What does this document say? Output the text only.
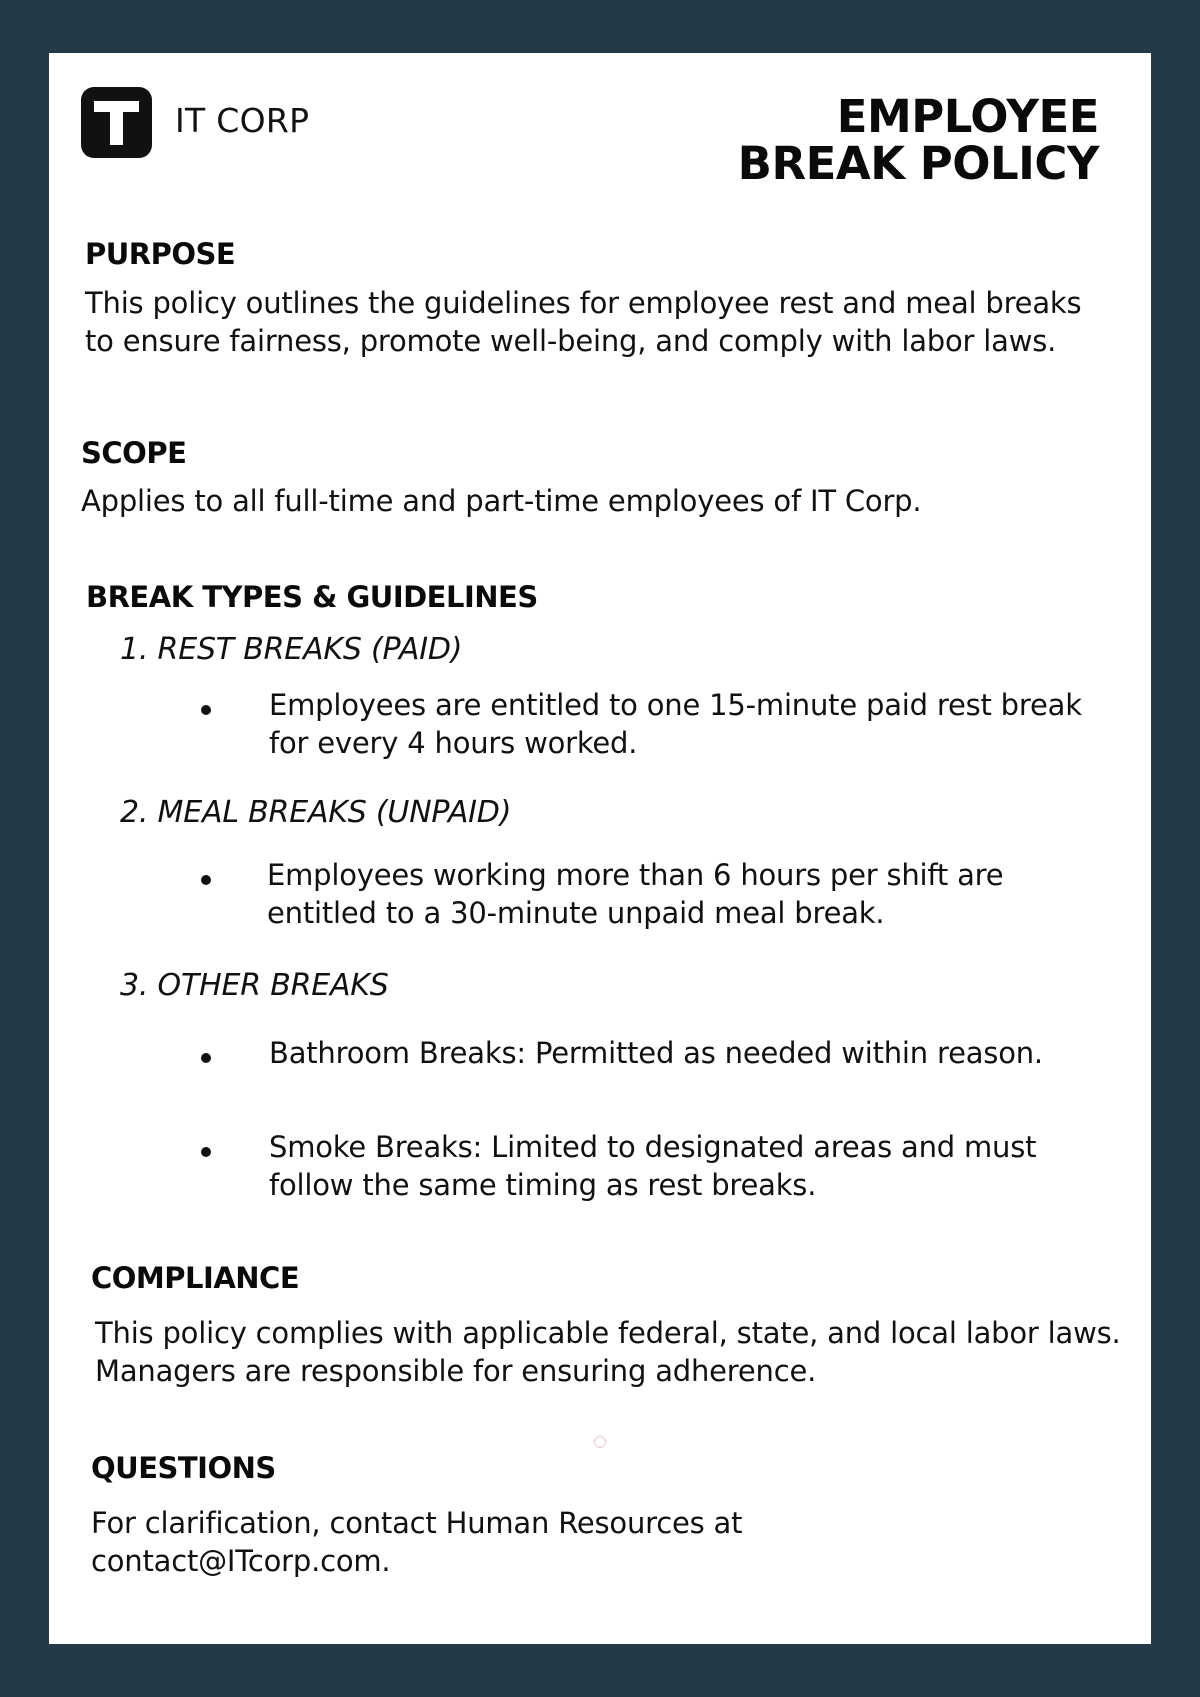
IT CORP	EMPLOYEE
BREAK POLICY
PURPOSE

This policy outlines the guidelines for employee rest and meal breaks to ensure fairness, promote well-being, and comply with labor laws.

SCOPE

Applies to all full-time and part-time employees of IT Corp.

BREAK TYPES & GUIDELINES
1. REST BREAKS (PAID)

Employees are entitled to one 15-minute paid rest break for every 4 hours worked.

2. MEAL BREAKS (UNPAID)

Employees working more than 6 hours per shift are entitled to a 30-minute unpaid meal break.

3. OTHER BREAKS

Bathroom Breaks: Permitted as needed within reason.

Smoke Breaks: Limited to designated areas and must follow the same timing as rest breaks.

COMPLIANCE

This policy complies with applicable federal, state, and local labor laws. Managers are responsible for ensuring adherence.

QUESTIONS

For clarification, contact Human Resources at contact@ITcorp.com.
